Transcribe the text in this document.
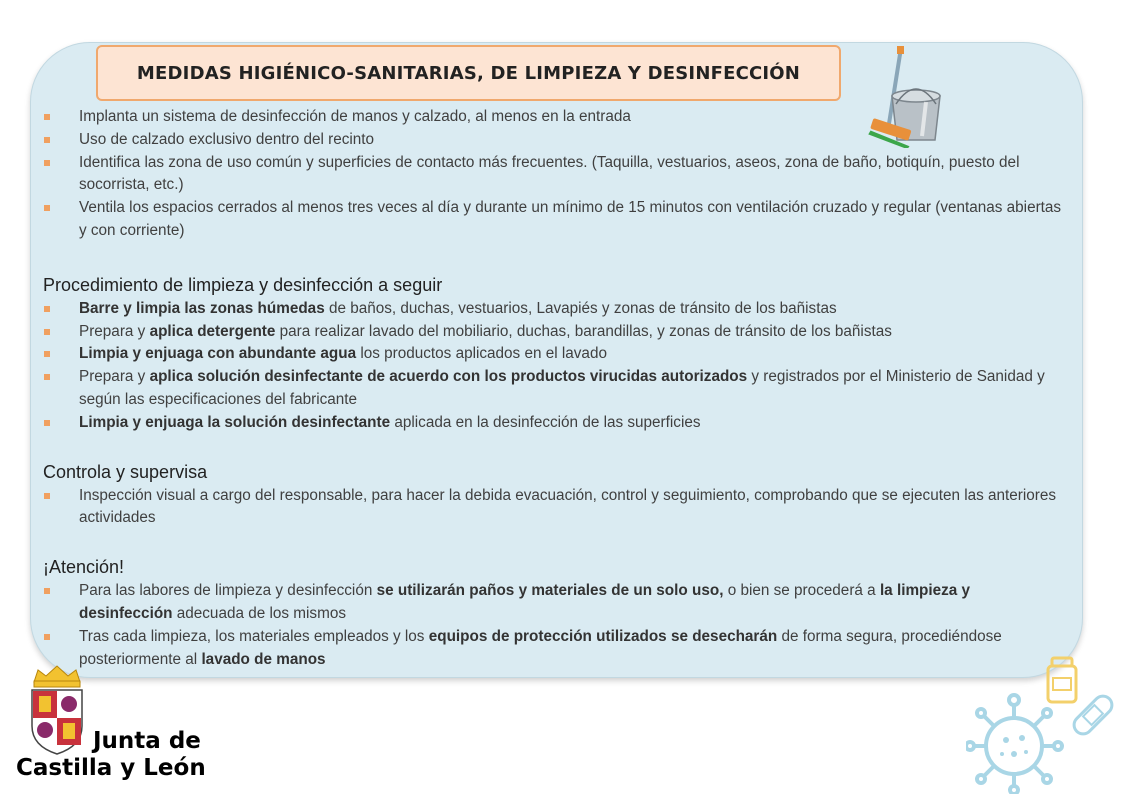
MEDIDAS HIGIÉNICO-SANITARIAS, DE LIMPIEZA Y DESINFECCIÓN
Implanta un sistema de desinfección de manos y calzado, al menos en la entrada
Uso de calzado exclusivo dentro del recinto
Identifica las zona de uso común y superficies de contacto más frecuentes. (Taquilla, vestuarios, aseos, zona de baño, botiquín, puesto del socorrista, etc.)
Ventila los espacios cerrados al menos tres veces al día y durante un mínimo de 15 minutos con ventilación cruzado y regular (ventanas abiertas y con corriente)

Procedimiento de limpieza y desinfección a seguir

Barre y limpia las zonas húmedas de baños, duchas, vestuarios, Lavapiés y zonas de tránsito de los bañistas
Prepara y aplica detergente para realizar lavado del mobiliario, duchas, barandillas, y zonas de tránsito de los bañistas
Limpia y enjuaga con abundante agua los productos aplicados en el lavado
Prepara y aplica solución desinfectante de acuerdo con los productos virucidas autorizados y registrados por el Ministerio de Sanidad y según las especificaciones del fabricante
Limpia y enjuaga la solución desinfectante aplicada en la desinfección de las superficies

Controla y supervisa

Inspección visual a cargo del responsable, para hacer la debida evacuación, control y seguimiento, comprobando que se ejecuten las anteriores actividades

¡Atención!

Para las labores de limpieza y desinfección se utilizarán paños y materiales de un solo uso, o bien se procederá a la limpieza y desinfección adecuada de los mismos
Tras cada limpieza, los materiales empleados y los equipos de protección utilizados se desecharán de forma segura, procediéndose posteriormente al lavado de manos
Junta de
Castilla y León
